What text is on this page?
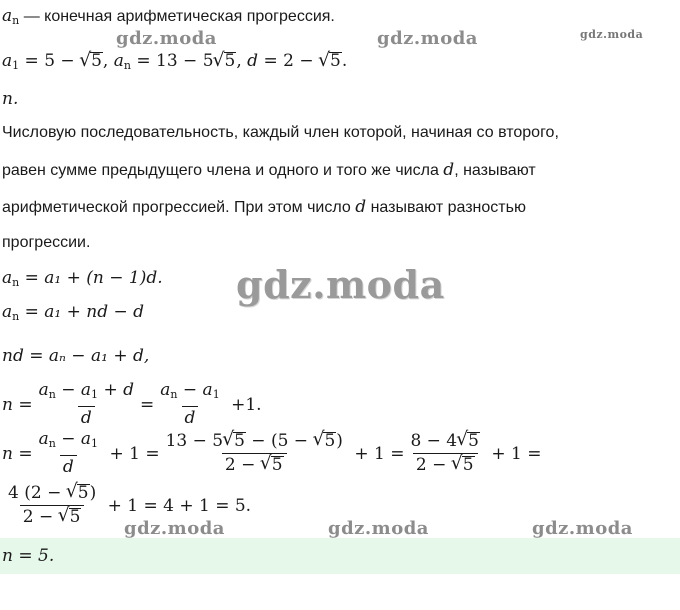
$a_n$ — конечная арифметическая прогрессия.
$a_1 = 5$ − √ 5, $a_n = 13 - 5√$ 5, d = 2 − √ 5.
n.
Числовую последовательность, каждый член которой, начиная со второго,
равен сумме предыдущего члена и одного и того же числа d, называют
арифметической прогрессией. При этом число d называют разностью
прогрессии.
$a_n = a_1 + (n - 1)d$.
$a_n = a_1$ + nd − d
nd = aₙ − a₁ + d,
$n = \frac{a_n - a_1 + d}{d} = \frac{a_n - a_1}{d} + 1$.
$n = \frac{a_n - a_1}{d} + 1 = \frac{13 - 5√ 5 - (5 - √ 5)}{2 - √ 5} + 1 = \frac{8 - 4√ 5}{2 - √ 5} + 1$ =
$\frac{4 (2 - √ 5)}{2 - √ 5}$
+ 1 = 4 + 1 = 5.
n = 5.
gdz.moda	gdz.moda	gdz.moda
gdz.moda
gdz.moda	gdz.moda	gdz.moda
